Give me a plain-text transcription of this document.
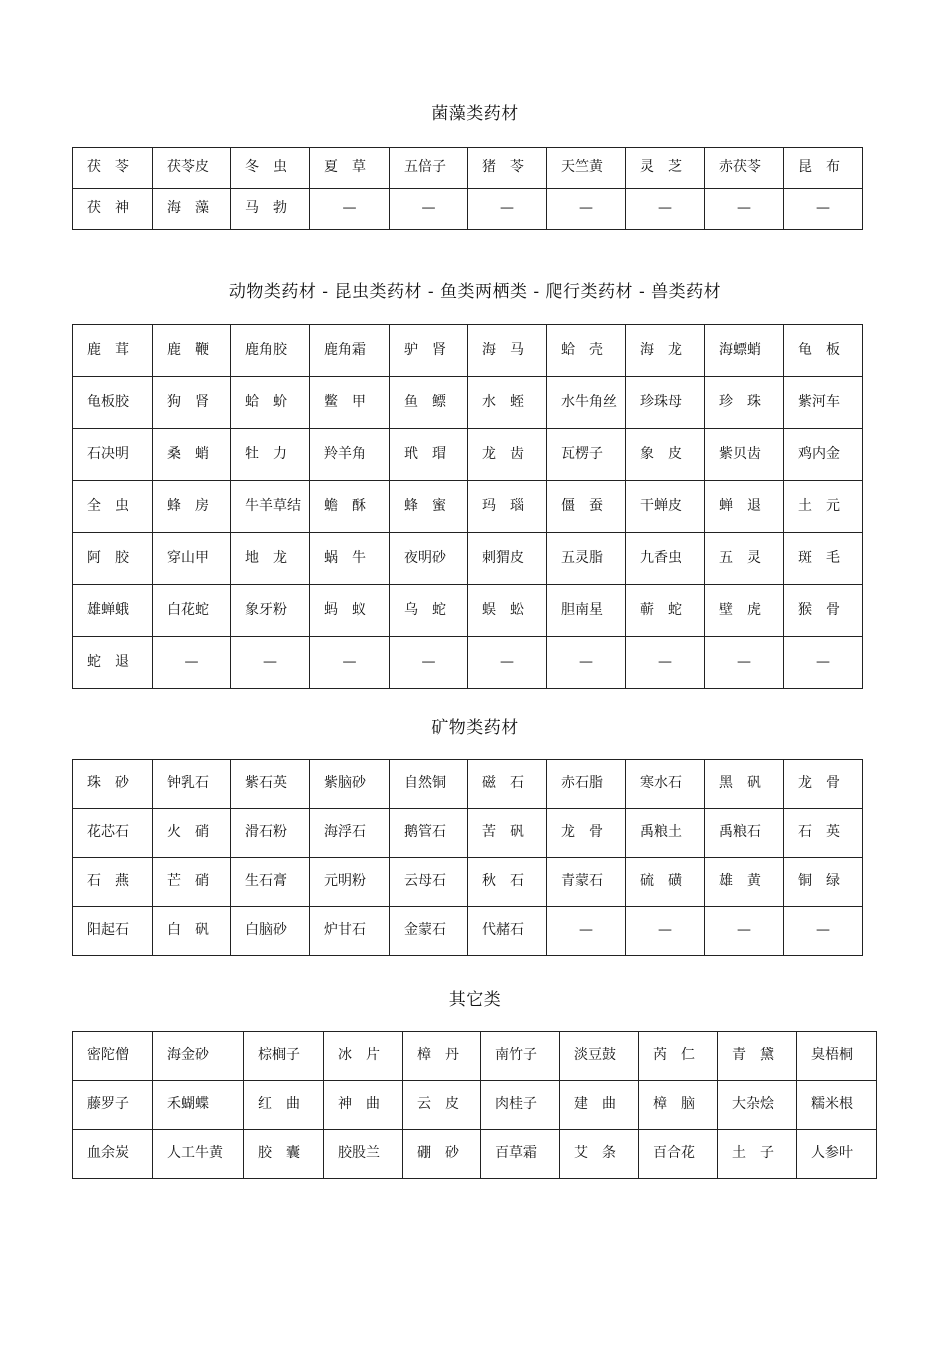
菌藻类药材
茯　苓	茯苓皮	冬　虫	夏　草	五倍子	猪　苓	天竺黄	灵　芝	赤茯苓	昆　布
茯　神	海　藻	马　勃	—	—	—	—	—	—	—
动物类药材 ‐ 昆虫类药材 ‐ 鱼类两栖类 ‐ 爬行类药材 ‐ 兽类药材
鹿　茸	鹿　鞭	鹿角胶	鹿角霜	驴　肾	海　马	蛤　壳	海　龙	海螵蛸	龟　板
龟板胶	狗　肾	蛤　蚧	鳖　甲	鱼　鳔	水　蛭	水牛角丝	珍珠母	珍　珠	紫河车
石决明	桑　蛸	牡　力	羚羊角	玳　瑁	龙　齿	瓦楞子	象　皮	紫贝齿	鸡内金
全　虫	蜂　房	牛羊草结	蟾　酥	蜂　蜜	玛　瑙	僵　蚕	干蝉皮	蝉　退	土　元
阿　胶	穿山甲	地　龙	蜗　牛	夜明砂	刺猬皮	五灵脂	九香虫	五　灵	斑　毛
雄蝉蛾	白花蛇	象牙粉	蚂　蚁	乌　蛇	蜈　蚣	胆南星	蕲　蛇	壁　虎	猴　骨
蛇　退	—	—	—	—	—	—	—	—	—
矿物类药材
珠　砂	钟乳石	紫石英	紫脑砂	自然铜	磁　石	赤石脂	寒水石	黑　矾	龙　骨
花芯石	火　硝	滑石粉	海浮石	鹅管石	苦　矾	龙　骨	禹粮土	禹粮石	石　英
石　燕	芒　硝	生石膏	元明粉	云母石	秋　石	青蒙石	硫　磺	雄　黄	铜　绿
阳起石	白　矾	白脑砂	炉甘石	金蒙石	代赭石	—	—	—	—
其它类
密陀僧	海金砂	棕榈子	冰　片	樟　丹	南竹子	淡豆鼓	芮　仁	青　黛	臭梧桐
藤罗子	禾蝴蝶	红　曲	神　曲	云　皮	肉桂子	建　曲	樟　脑	大杂烩	糯米根
血余炭	人工牛黄	胶　囊	胶股兰	硼　砂	百草霜	艾　条	百合花	土　子	人参叶
